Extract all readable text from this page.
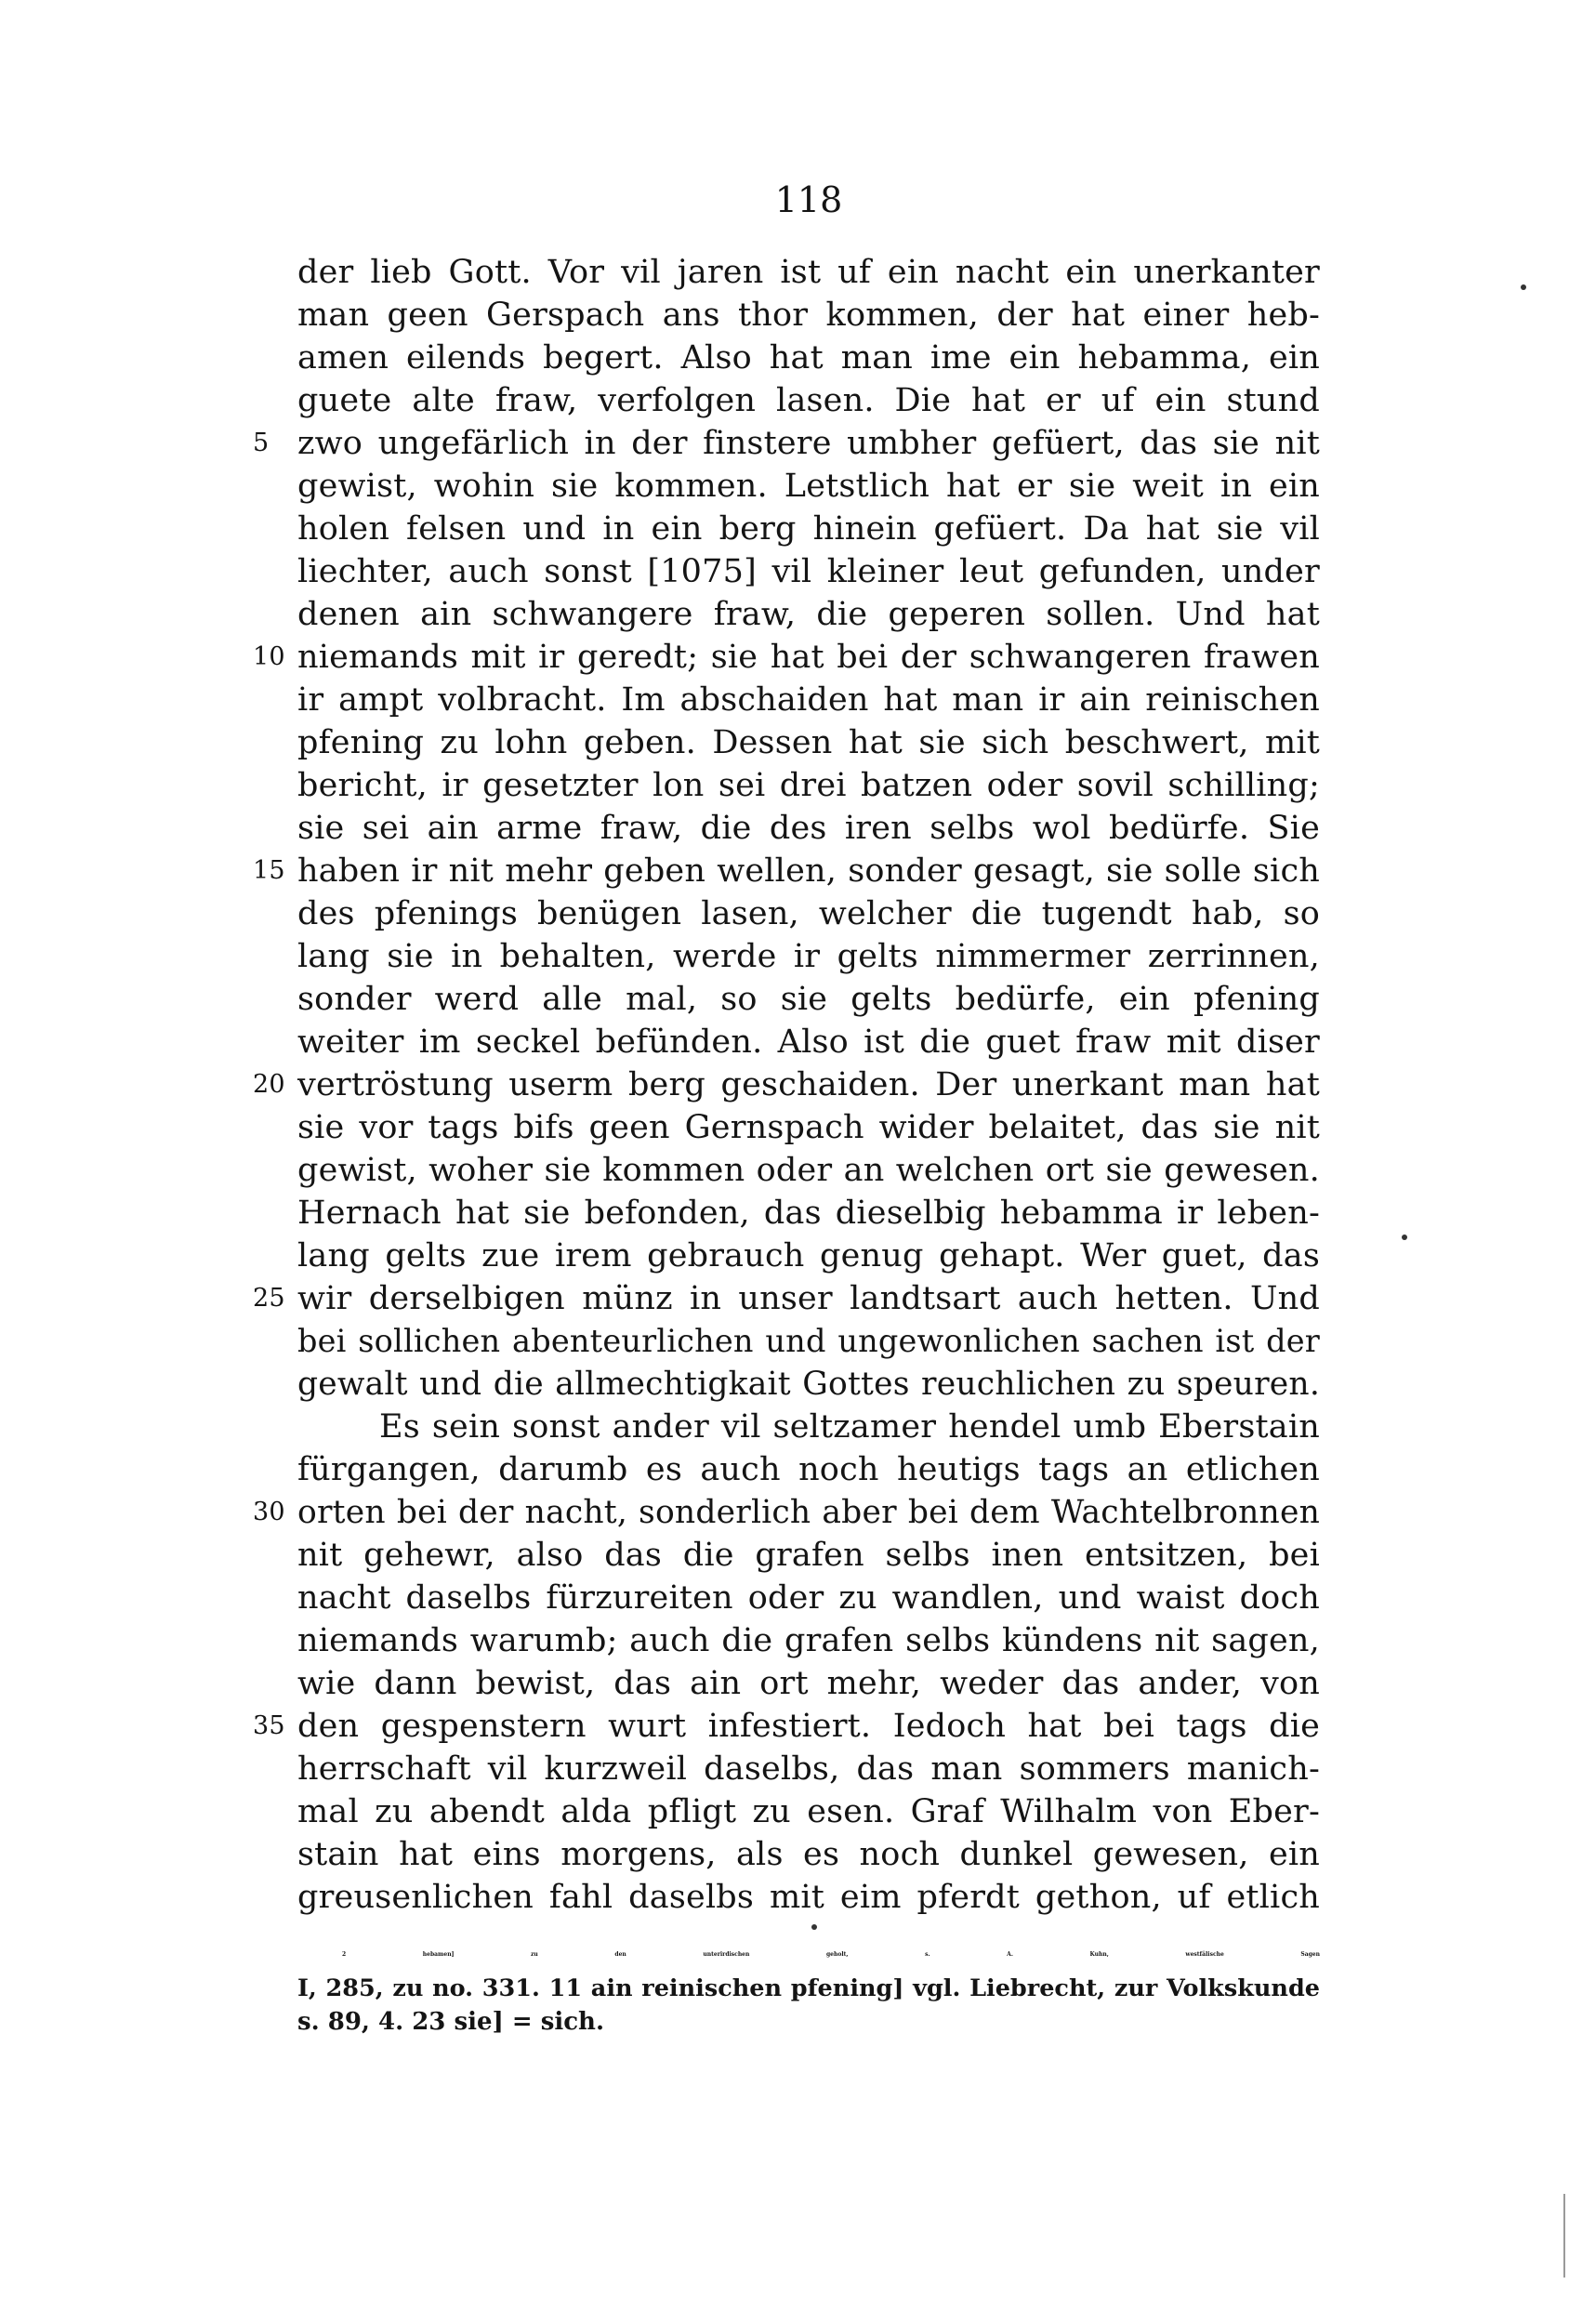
118
der lieb Gott. Vor vil jaren ist uf ein nacht ein unerkanter
man geen Gerspach ans thor kommen, der hat einer heb-
amen eilends begert. Also hat man ime ein hebamma, ein
guete alte fraw, verfolgen lasen. Die hat er uf ein stund
5 zwo ungefärlich in der finstere umbher gefüert, das sie nit
gewist, wohin sie kommen. Letstlich hat er sie weit in ein
holen felsen und in ein berg hinein gefüert. Da hat sie vil
liechter, auch sonst [1075] vil kleiner leut gefunden, under
denen ain schwangere fraw, die geperen sollen. Und hat
10 niemands mit ir geredt; sie hat bei der schwangeren frawen
ir ampt volbracht. Im abschaiden hat man ir ain reinischen
pfening zu lohn geben. Dessen hat sie sich beschwert, mit
bericht, ir gesetzter lon sei drei batzen oder sovil schilling;
sie sei ain arme fraw, die des iren selbs wol bedürfe. Sie
15 haben ir nit mehr geben wellen, sonder gesagt, sie solle sich
des pfenings benügen lasen, welcher die tugendt hab, so
lang sie in behalten, werde ir gelts nimmermer zerrinnen,
sonder werd alle mal, so sie gelts bedürfe, ein pfening
weiter im seckel befünden. Also ist die guet fraw mit diser
20 vertröstung userm berg geschaiden. Der unerkant man hat
sie vor tags bifs geen Gernspach wider belaitet, das sie nit
gewist, woher sie kommen oder an welchen ort sie gewesen.
Hernach hat sie befonden, das dieselbig hebamma ir leben-
lang gelts zue irem gebrauch genug gehapt. Wer guet, das
25 wir derselbigen münz in unser landtsart auch hetten. Und
bei sollichen abenteurlichen und ungewonlichen sachen ist der
gewalt und die allmechtigkait Gottes reuchlichen zu speuren.
Es sein sonst ander vil seltzamer hendel umb Eberstain
fürgangen, darumb es auch noch heutigs tags an etlichen
30 orten bei der nacht, sonderlich aber bei dem Wachtelbronnen
nit gehewr, also das die grafen selbs inen entsitzen, bei
nacht daselbs fürzureiten oder zu wandlen, und waist doch
niemands warumb; auch die grafen selbs kündens nit sagen,
wie dann bewist, das ain ort mehr, weder das ander, von
35 den gespenstern wurt infestiert. Iedoch hat bei tags die
herrschaft vil kurzweil daselbs, das man sommers manich-
mal zu abendt alda pfligt zu esen. Graf Wilhalm von Eber-
stain hat eins morgens, als es noch dunkel gewesen, ein
greusenlichen fahl daselbs mit eim pferdt gethon, uf etlich
2 hebamen] zu den unterirdischen geholt, s. A. Kuhn, westfälische Sagen
I, 285, zu no. 331. 11 ain reinischen pfening] vgl. Liebrecht, zur Volkskunde
s. 89, 4. 23 sie] = sich.
